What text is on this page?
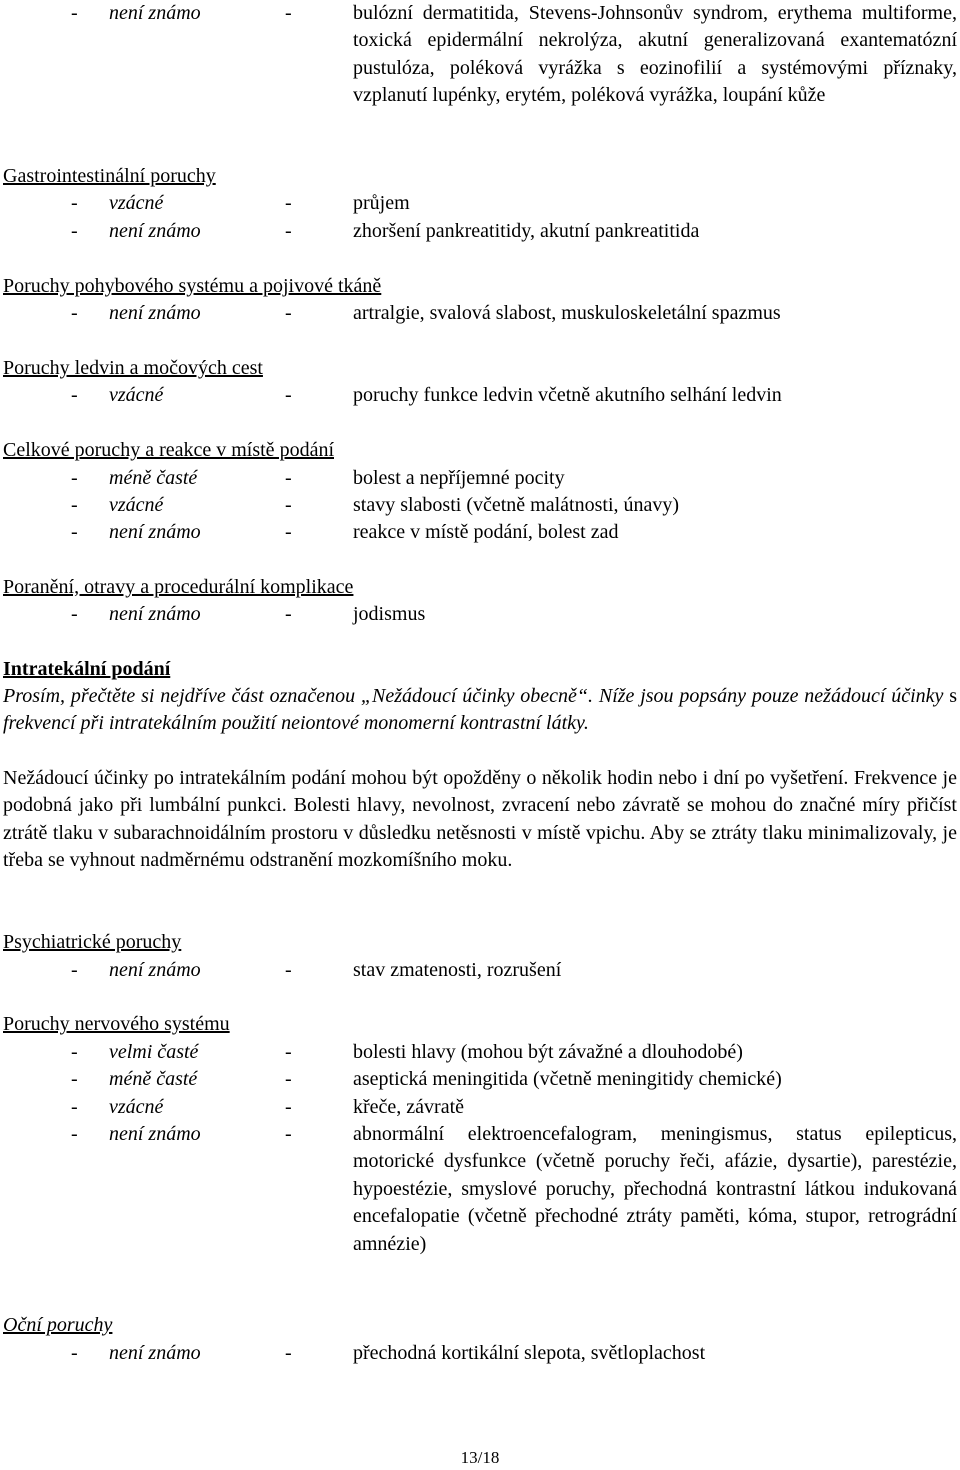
- není známo	-	bulózní dermatitida, Stevens-Johnsonův syndrom, erythema multiforme, toxická epidermální nekrolýza, akutní generalizovaná exantematózní pustulóza, poléková vyrážka s eozinofilií a systémovými příznaky, vzplanutí lupénky, erytém, poléková vyrážka, loupání kůže
Gastrointestinální poruchy
- vzácné	-	průjem
- není známo	-	zhoršení pankreatitidy, akutní pankreatitida
Poruchy pohybového systému a pojivové tkáně
- není známo	-	artralgie, svalová slabost, muskuloskeletální spazmus
Poruchy ledvin a močových cest
- vzácné	-	poruchy funkce ledvin včetně akutního selhání ledvin
Celkové poruchy a reakce v místě podání
- méně časté	-	bolest a nepříjemné pocity
- vzácné	-	stavy slabosti (včetně malátnosti, únavy)
- není známo	-	reakce v místě podání, bolest zad
Poranění, otravy a procedurální komplikace
- není známo	-	jodismus
Intratekální podání
Prosím, přečtěte si nejdříve část označenou „Nežádoucí účinky obecně“. Níže jsou popsány pouze nežádoucí účinky s frekvencí při intratekálním použití neiontové monomerní kontrastní látky.
Nežádoucí účinky po intratekálním podání mohou být opožděny o několik hodin nebo i dní po vyšetření. Frekvence je podobná jako při lumbální punkci. Bolesti hlavy, nevolnost, zvracení nebo závratě se mohou do značné míry přičíst ztrátě tlaku v subarachnoidálním prostoru v důsledku netěsnosti v místě vpichu. Aby se ztráty tlaku minimalizovaly, je třeba se vyhnout nadměrnému odstranění mozkomíšního moku.
Psychiatrické poruchy
- není známo	-	stav zmatenosti, rozrušení
Poruchy nervového systému
- velmi časté	-	bolesti hlavy (mohou být závažné a dlouhodobé)
- méně časté	-	aseptická meningitida (včetně meningitidy chemické)
- vzácné	-	křeče, závratě
- není známo	-	abnormální elektroencefalogram, meningismus, status epilepticus, motorické dysfunkce (včetně poruchy řeči, afázie, dysartie), parestézie, hypoestézie, smyslové poruchy, přechodná kontrastní látkou indukovaná encefalopatie (včetně přechodné ztráty paměti, kóma, stupor, retrográdní amnézie)
Oční poruchy
- není známo	-	přechodná kortikální slepota, světloplachost
13/18
